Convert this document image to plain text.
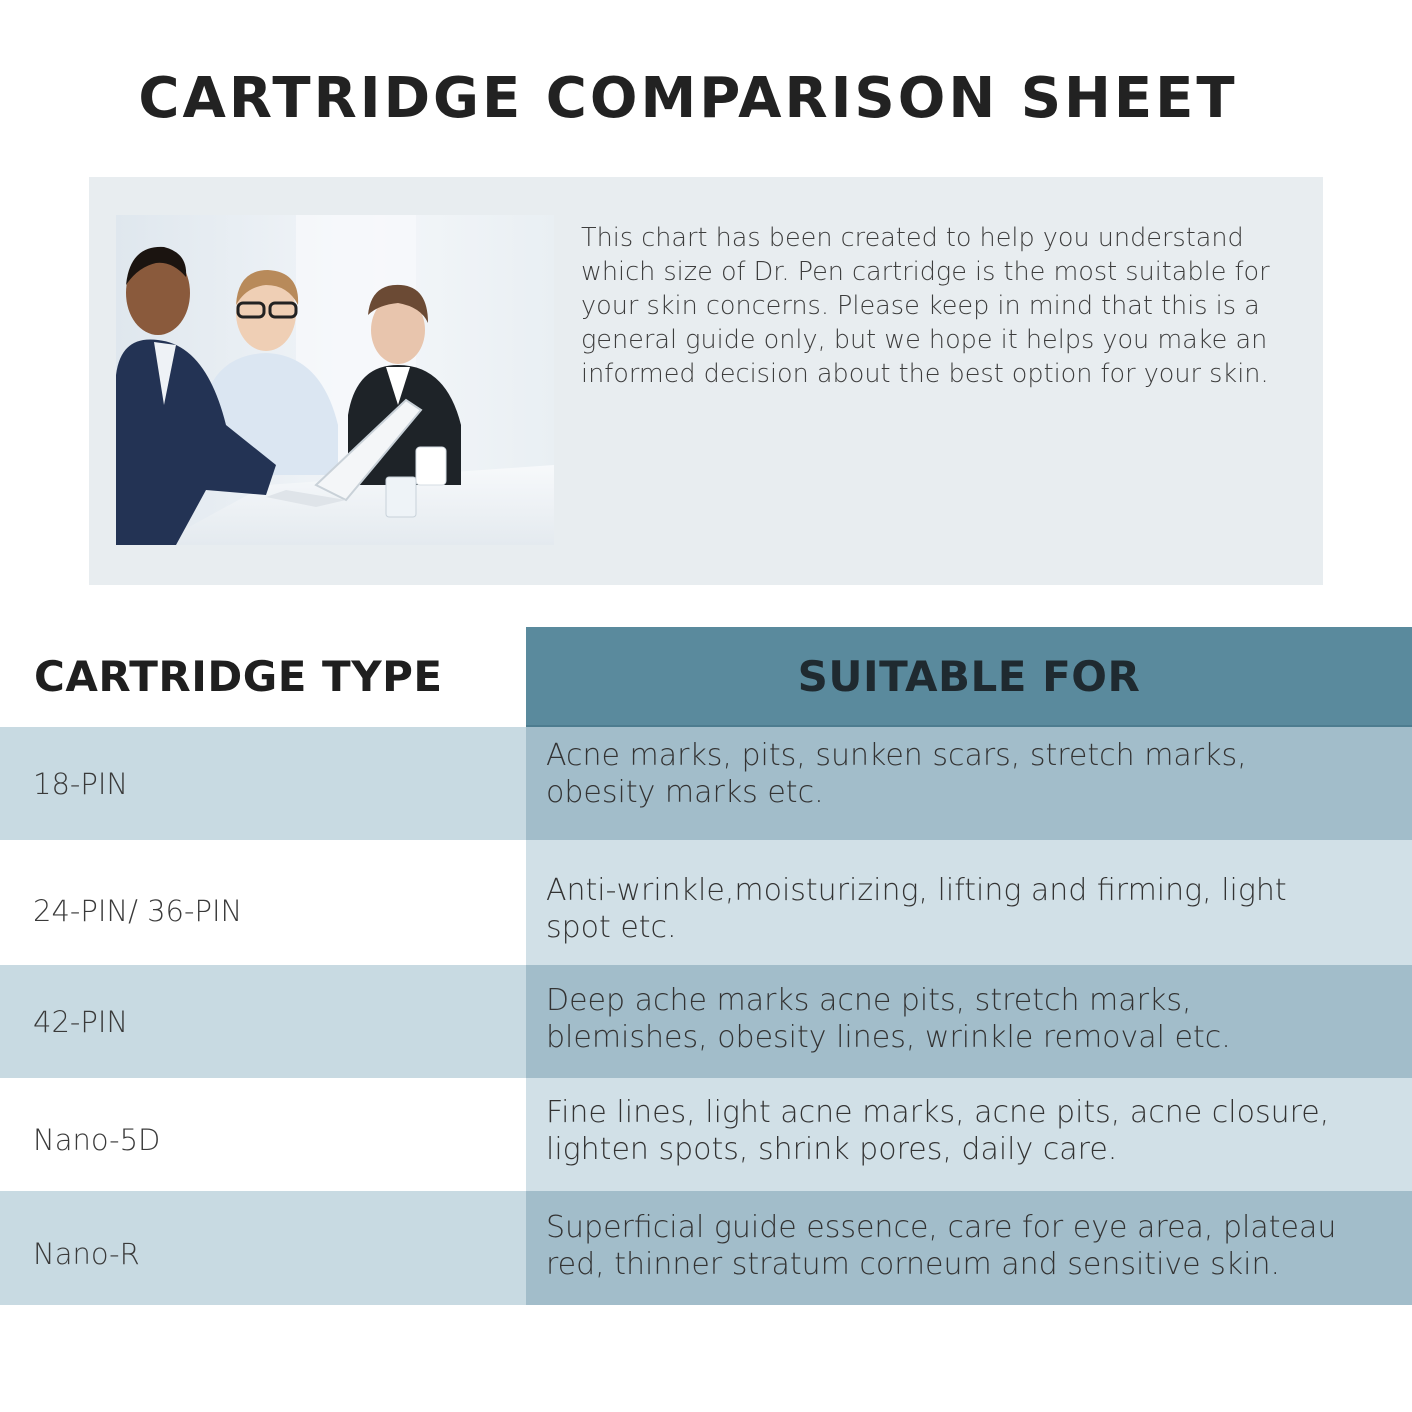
CARTRIDGE COMPARISON SHEET

This chart has been created to help you understand which size of Dr. Pen cartridge is the most suitable for your skin concerns. Please keep in mind that this is a general guide only, but we hope it helps you make an informed decision about the best option for your skin.

CARTRIDGE TYPE	SUITABLE FOR
18-PIN
Acne marks, pits, sunken scars, stretch marks, obesity marks etc.
24-PIN/ 36-PIN
Anti-wrinkle,moisturizing, lifting and firming, light spot etc.
42-PIN
Deep ache marks acne pits, stretch marks, blemishes, obesity lines, wrinkle removal etc.
Nano-5D
Fine lines, light acne marks, acne pits, acne closure, lighten spots, shrink pores, daily care.
Nano-R
Superficial guide essence, care for eye area, plateau red, thinner stratum corneum and sensitive skin.
